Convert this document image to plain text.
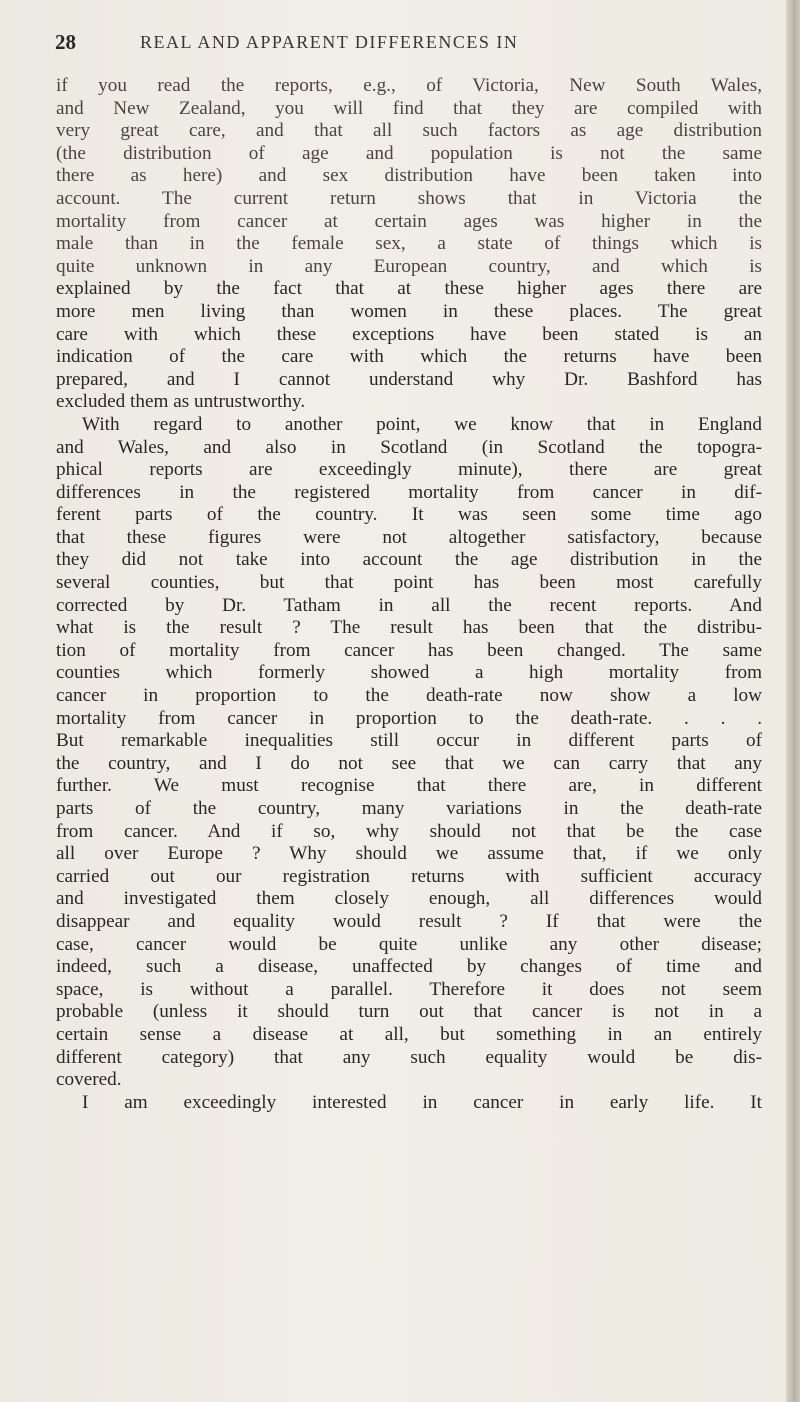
28	REAL AND APPARENT DIFFERENCES IN
if you read the reports, e.g., of Victoria, New South Wales,
and New Zealand, you will find that they are compiled with
very great care, and that all such factors as age distribution
(the distribution of age and population is not the same
there as here) and sex distribution have been taken into
account. The current return shows that in Victoria the
mortality from cancer at certain ages was higher in the
male than in the female sex, a state of things which is
quite unknown in any European country, and which is
explained by the fact that at these higher ages there are
more men living than women in these places. The great
care with which these exceptions have been stated is an
indication of the care with which the returns have been
prepared, and I cannot understand why Dr. Bashford has
excluded them as untrustworthy.
With regard to another point, we know that in England
and Wales, and also in Scotland (in Scotland the topogra-
phical reports are exceedingly minute), there are great
differences in the registered mortality from cancer in dif-
ferent parts of the country. It was seen some time ago
that these figures were not altogether satisfactory, because
they did not take into account the age distribution in the
several counties, but that point has been most carefully
corrected by Dr. Tatham in all the recent reports. And
what is the result ? The result has been that the distribu-
tion of mortality from cancer has been changed. The same
counties which formerly showed a high mortality from
cancer in proportion to the death-rate now show a low
mortality from cancer in proportion to the death-rate. . . .
But remarkable inequalities still occur in different parts of
the country, and I do not see that we can carry that any
further. We must recognise that there are, in different
parts of the country, many variations in the death-rate
from cancer. And if so, why should not that be the case
all over Europe ? Why should we assume that, if we only
carried out our registration returns with sufficient accuracy
and investigated them closely enough, all differences would
disappear and equality would result ? If that were the
case, cancer would be quite unlike any other disease;
indeed, such a disease, unaffected by changes of time and
space, is without a parallel. Therefore it does not seem
probable (unless it should turn out that cancer is not in a
certain sense a disease at all, but something in an entirely
different category) that any such equality would be dis-
covered.
I am exceedingly interested in cancer in early life. It
